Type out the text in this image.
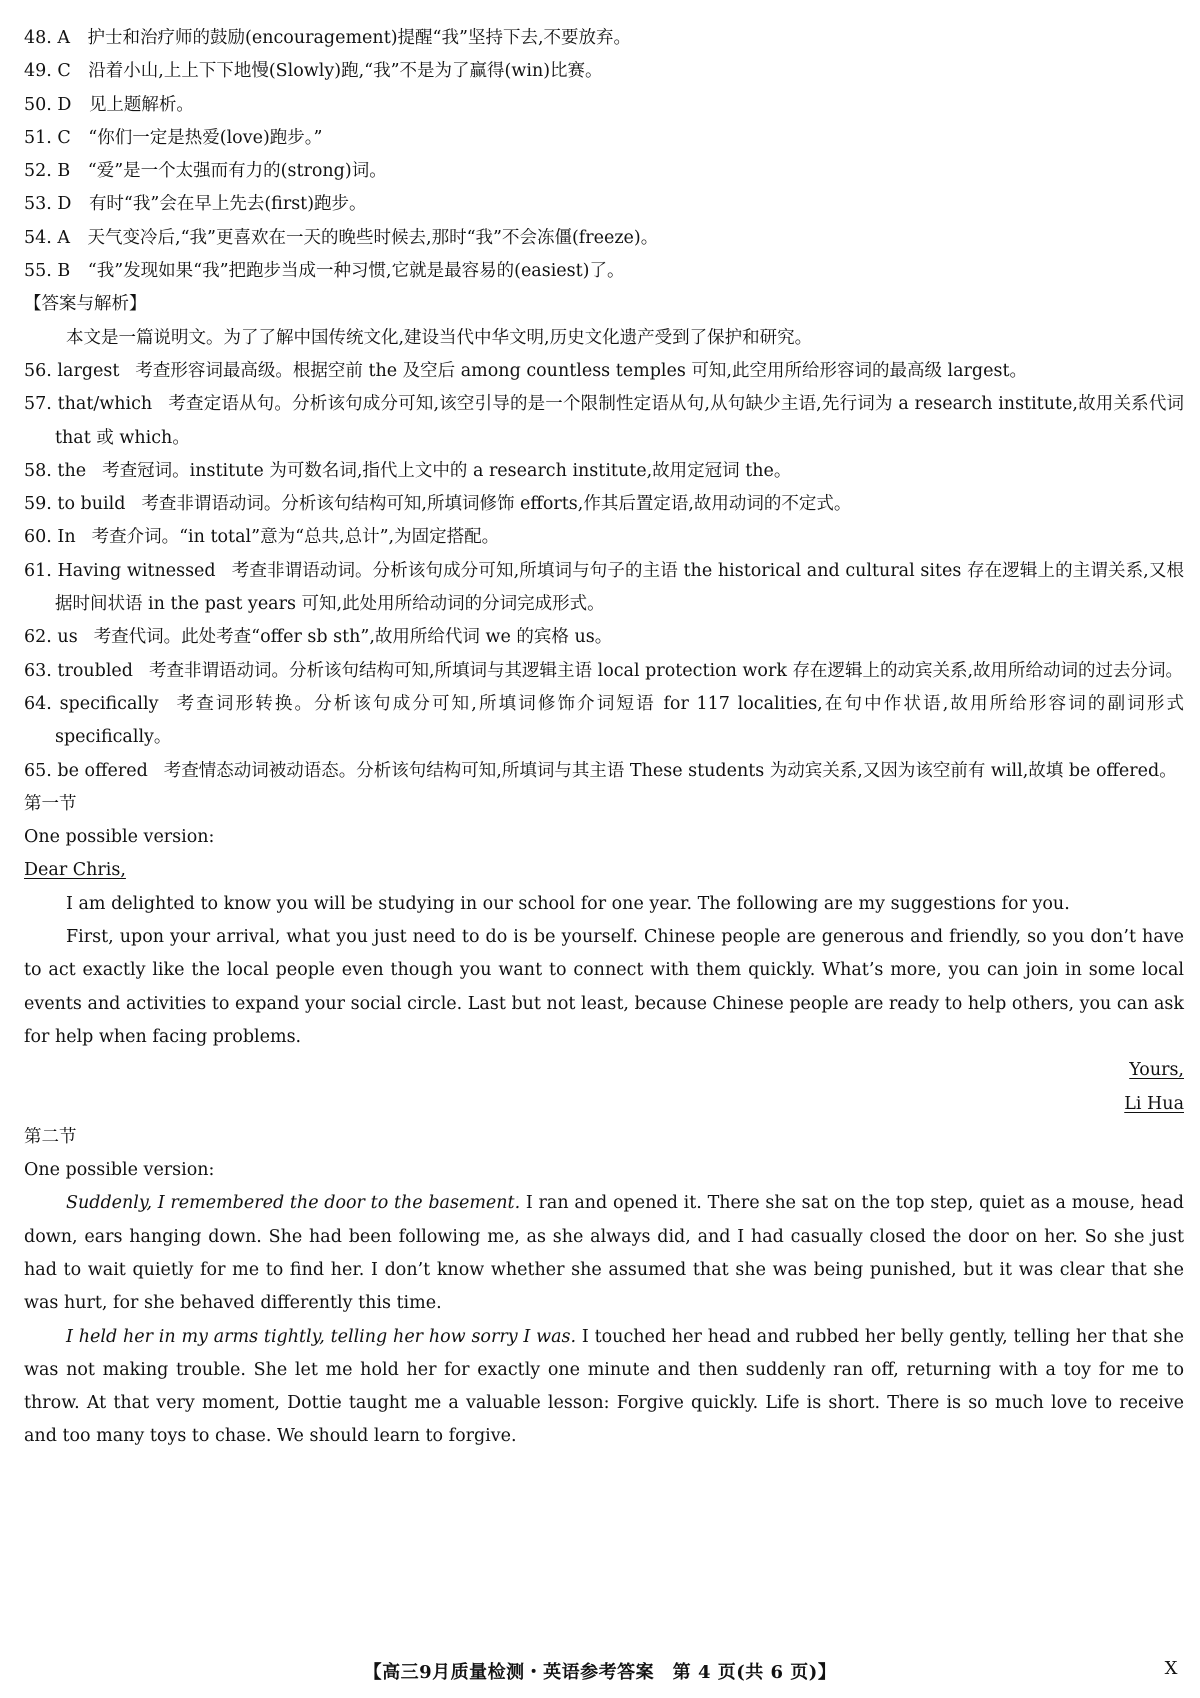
48. A　 护士和治疗师的鼓励(encouragement)提醒“我”坚持下去,不要放弃。
49. C　 沿着小山,上上下下地慢(Slowly)跑,“我”不是为了赢得(win)比赛。
50. D　 见上题解析。
51. C　 “你们一定是热爱(love)跑步。”
52. B　 “爱”是一个太强而有力的(strong)词。
53. D　 有时“我”会在早上先去(first)跑步。
54. A　 天气变冷后,“我”更喜欢在一天的晚些时候去,那时“我”不会冻僵(freeze)。
55. B　 “我”发现如果“我”把跑步当成一种习惯,它就是最容易的(easiest)了。
【答案与解析】
本文是一篇说明文。为了了解中国传统文化,建设当代中华文明,历史文化遗产受到了保护和研究。
56. largest 考查形容词最高级。根据空前 the 及空后 among countless temples 可知,此空用所给形容词的最高级 largest。
57. that/which 考查定语从句。分析该句成分可知,该空引导的是一个限制性定语从句,从句缺少主语,先行词为 a research institute,故用关系代词 that 或 which。
58. the 考查冠词。institute 为可数名词,指代上文中的 a research institute,故用定冠词 the。
59. to build 考查非谓语动词。分析该句结构可知,所填词修饰 efforts,作其后置定语,故用动词的不定式。
60. In 考查介词。“in total”意为“总共,总计”,为固定搭配。
61. Having witnessed 考查非谓语动词。分析该句成分可知,所填词与句子的主语 the historical and cultural sites 存在逻辑上的主谓关系,又根据时间状语 in the past years 可知,此处用所给动词的分词完成形式。
62. us 考查代词。此处考查“offer sb sth”,故用所给代词 we 的宾格 us。
63. troubled 考查非谓语动词。分析该句结构可知,所填词与其逻辑主语 local protection work 存在逻辑上的动宾关系,故用所给动词的过去分词。
64. specifically 考查词形转换。分析该句成分可知,所填词修饰介词短语 for 117 localities,在句中作状语,故用所给形容词的副词形式 specifically。
65. be offered 考查情态动词被动语态。分析该句结构可知,所填词与其主语 These students 为动宾关系,又因为该空前有 will,故填 be offered。
第一节
One possible version:
Dear Chris,
I am delighted to know you will be studying in our school for one year. The following are my suggestions for you.
First, upon your arrival, what you just need to do is be yourself. Chinese people are generous and friendly, so you don’t have to act exactly like the local people even though you want to connect with them quickly. What’s more, you can join in some local events and activities to expand your social circle. Last but not least, because Chinese people are ready to help others, you can ask for help when facing problems.
Yours,
Li Hua
第二节
One possible version:
Suddenly, I remembered the door to the basement. I ran and opened it. There she sat on the top step, quiet as a mouse, head down, ears hanging down. She had been following me, as she always did, and I had casually closed the door on her. So she just had to wait quietly for me to find her. I don’t know whether she assumed that she was being punished, but it was clear that she was hurt, for she behaved differently this time.
I held her in my arms tightly, telling her how sorry I was. I touched her head and rubbed her belly gently, telling her that she was not making trouble. She let me hold her for exactly one minute and then suddenly ran off, returning with a toy for me to throw. At that very moment, Dottie taught me a valuable lesson: Forgive quickly. Life is short. There is so much love to receive and too many toys to chase. We should learn to forgive.
【高三9月质量检测・英语参考答案　第 4 页(共 6 页)】	X
